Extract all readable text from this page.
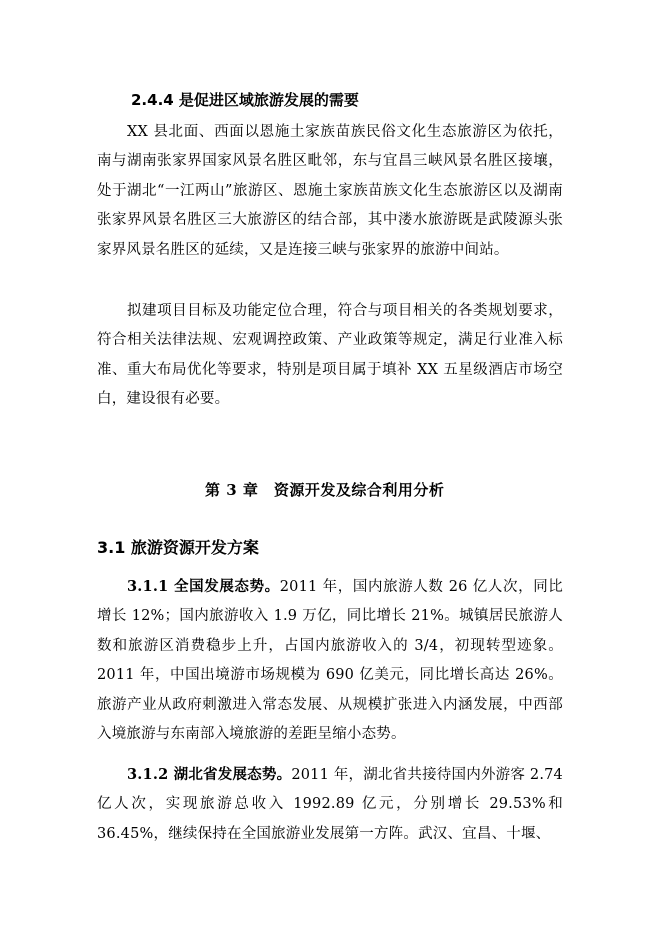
2.4.4 是促进区域旅游发展的需要

XX 县北面、西面以恩施土家族苗族民俗文化生态旅游区为依托，南与湖南张家界国家风景名胜区毗邻，东与宜昌三峡风景名胜区接壤，处于湖北“一江两山”旅游区、恩施土家族苗族文化生态旅游区以及湖南张家界风景名胜区三大旅游区的结合部，其中溇水旅游既是武陵源头张家界风景名胜区的延续，又是连接三峡与张家界的旅游中间站。

拟建项目目标及功能定位合理，符合与项目相关的各类规划要求，符合相关法律法规、宏观调控政策、产业政策等规定，满足行业准入标准、重大布局优化等要求，特别是项目属于填补 XX 五星级酒店市场空白，建设很有必要。

第 3 章　资源开发及综合利用分析
3.1 旅游资源开发方案

3.1.1 全国发展态势。2011 年，国内旅游人数 26 亿人次，同比增长 12%；国内旅游收入 1.9 万亿，同比增长 21%。城镇居民旅游人数和旅游区消费稳步上升，占国内旅游收入的 3/4，初现转型迹象。2011 年，中国出境游市场规模为 690 亿美元，同比增长高达 26%。旅游产业从政府刺激进入常态发展、从规模扩张进入内涵发展，中西部入境旅游与东南部入境旅游的差距呈缩小态势。

3.1.2 湖北省发展态势。2011 年，湖北省共接待国内外游客 2.74 亿人次，实现旅游总收入 1992.89 亿元，分别增长 29.53%和 36.45%，继续保持在全国旅游业发展第一方阵。武汉、宜昌、十堰、
